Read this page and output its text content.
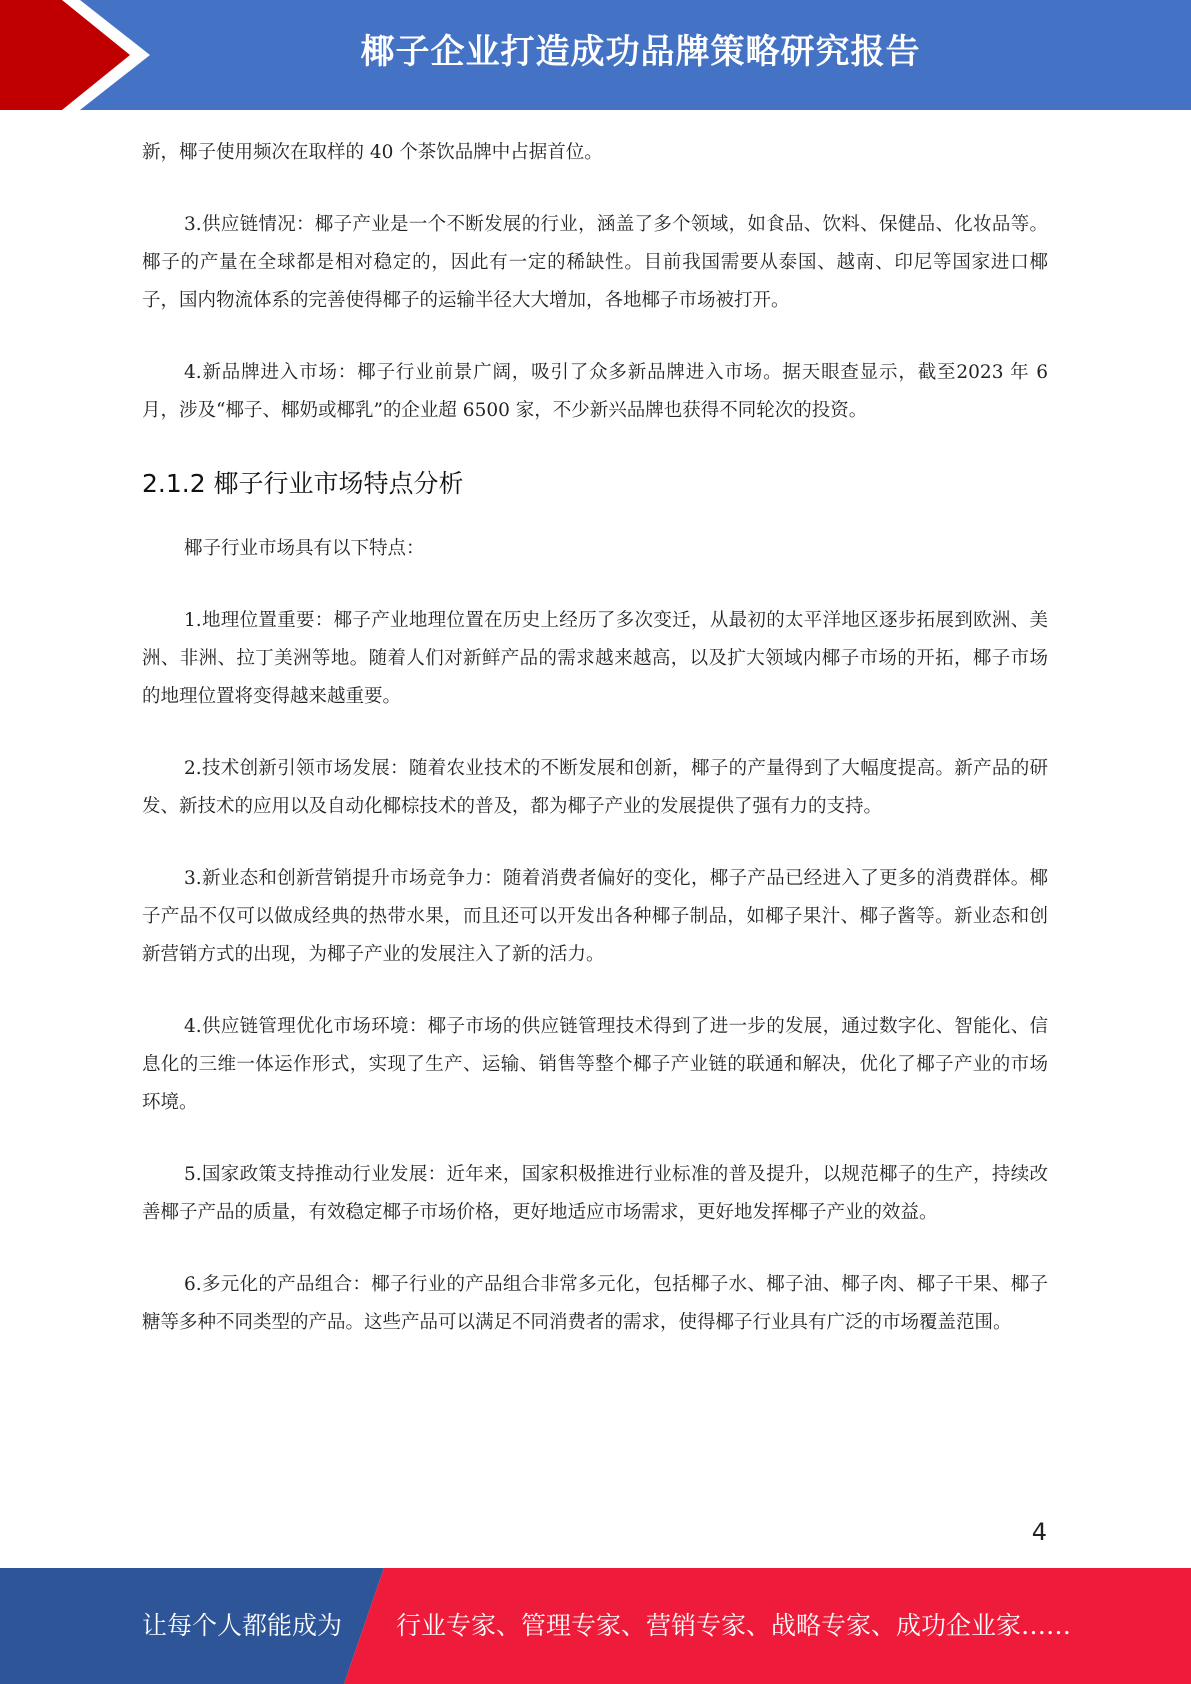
椰子企业打造成功品牌策略研究报告

新，椰子使用频次在取样的 40 个茶饮品牌中占据首位。

3.供应链情况：椰子产业是一个不断发展的行业，涵盖了多个领域，如食品、饮料、保健品、化妆品等。椰子的产量在全球都是相对稳定的，因此有一定的稀缺性。目前我国需要从泰国、越南、印尼等国家进口椰子，国内物流体系的完善使得椰子的运输半径大大增加，各地椰子市场被打开。

4.新品牌进入市场：椰子行业前景广阔，吸引了众多新品牌进入市场。据天眼查显示，截至2023 年 6 月，涉及“椰子、椰奶或椰乳”的企业超 6500 家，不少新兴品牌也获得不同轮次的投资。

2.1.2 椰子行业市场特点分析

椰子行业市场具有以下特点：

1.地理位置重要：椰子产业地理位置在历史上经历了多次变迁，从最初的太平洋地区逐步拓展到欧洲、美洲、非洲、拉丁美洲等地。随着人们对新鲜产品的需求越来越高，以及扩大领域内椰子市场的开拓，椰子市场的地理位置将变得越来越重要。

2.技术创新引领市场发展：随着农业技术的不断发展和创新，椰子的产量得到了大幅度提高。新产品的研发、新技术的应用以及自动化椰棕技术的普及，都为椰子产业的发展提供了强有力的支持。

3.新业态和创新营销提升市场竞争力：随着消费者偏好的变化，椰子产品已经进入了更多的消费群体。椰子产品不仅可以做成经典的热带水果，而且还可以开发出各种椰子制品，如椰子果汁、椰子酱等。新业态和创新营销方式的出现，为椰子产业的发展注入了新的活力。

4.供应链管理优化市场环境：椰子市场的供应链管理技术得到了进一步的发展，通过数字化、智能化、信息化的三维一体运作形式，实现了生产、运输、销售等整个椰子产业链的联通和解决，优化了椰子产业的市场环境。

5.国家政策支持推动行业发展：近年来，国家积极推进行业标准的普及提升，以规范椰子的生产，持续改善椰子产品的质量，有效稳定椰子市场价格，更好地适应市场需求，更好地发挥椰子产业的效益。

6.多元化的产品组合：椰子行业的产品组合非常多元化，包括椰子水、椰子油、椰子肉、椰子干果、椰子糖等多种不同类型的产品。这些产品可以满足不同消费者的需求，使得椰子行业具有广泛的市场覆盖范围。

4
让每个人都能成为 行业专家、管理专家、营销专家、战略专家、成功企业家……
